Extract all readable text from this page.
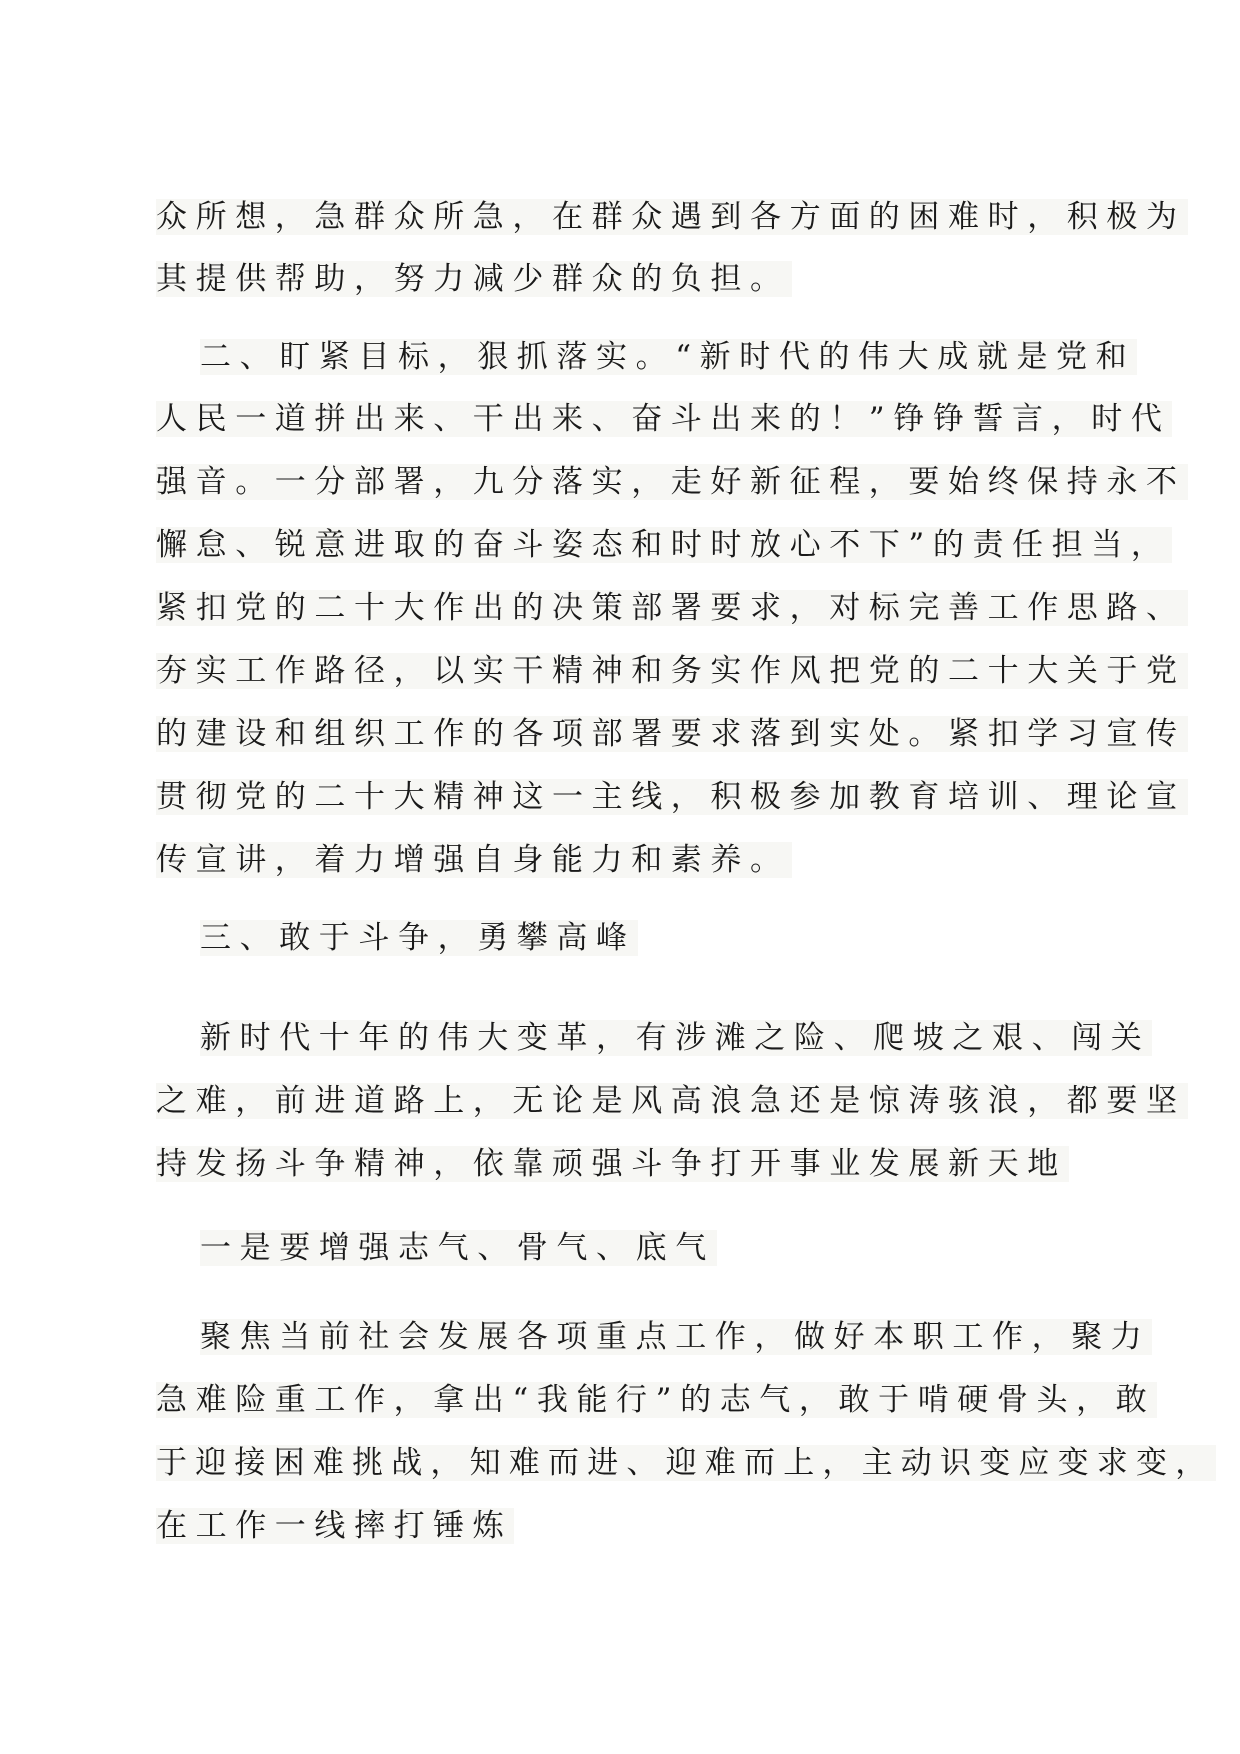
众所想，急群众所急，在群众遇到各方面的困难时，积极为
其提供帮助，努力减少群众的负担。
二、盯紧目标，狠抓落实。“新时代的伟大成就是党和
人民一道拼出来、干出来、奋斗出来的！”铮铮誓言，时代
强音。一分部署，九分落实，走好新征程，要始终保持永不
懈怠、锐意进取的奋斗姿态和时时放心不下”的责任担当，
紧扣党的二十大作出的决策部署要求，对标完善工作思路、
夯实工作路径，以实干精神和务实作风把党的二十大关于党
的建设和组织工作的各项部署要求落到实处。紧扣学习宣传
贯彻党的二十大精神这一主线，积极参加教育培训、理论宣
传宣讲，着力增强自身能力和素养。
三、敢于斗争，勇攀高峰
新时代十年的伟大变革，有涉滩之险、爬坡之艰、闯关
之难，前进道路上，无论是风高浪急还是惊涛骇浪，都要坚
持发扬斗争精神，依靠顽强斗争打开事业发展新天地
一是要增强志气、骨气、底气
聚焦当前社会发展各项重点工作，做好本职工作，聚力
急难险重工作，拿出“我能行”的志气，敢于啃硬骨头，敢
于迎接困难挑战，知难而进、迎难而上，主动识变应变求变，
在工作一线摔打锤炼
